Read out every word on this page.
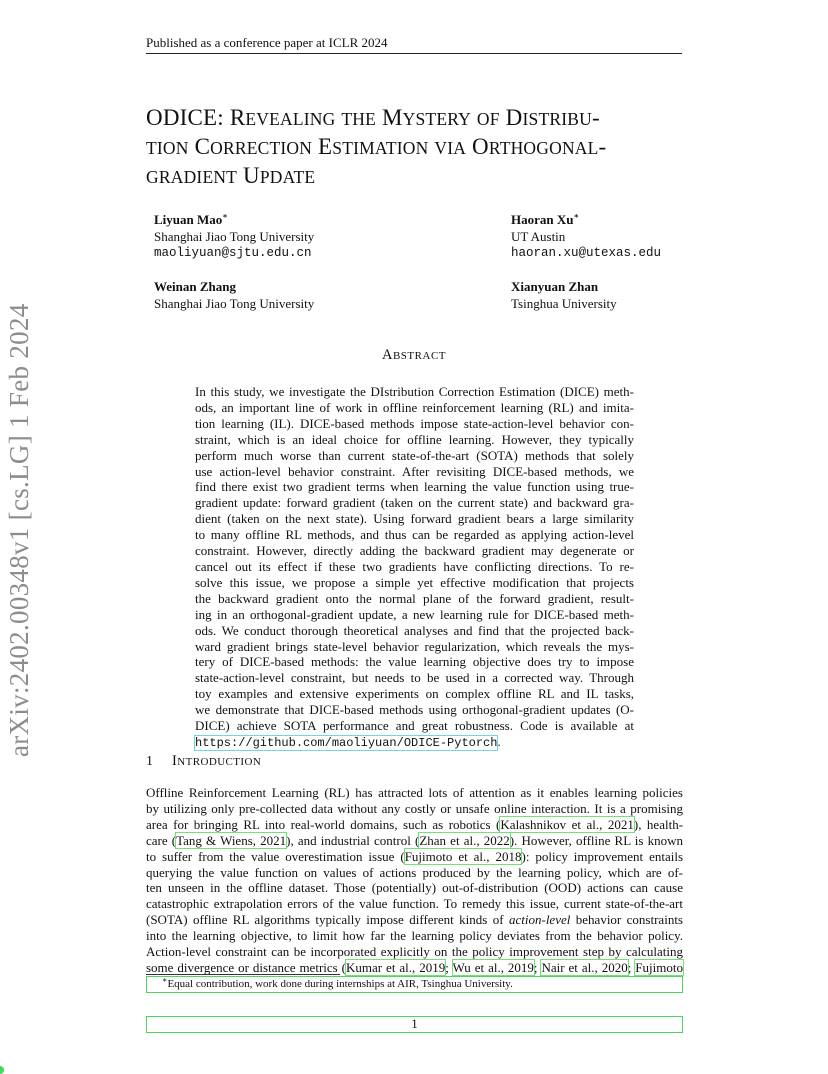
Published as a conference paper at ICLR 2024
ODICE: REVEALING THE MYSTERY OF DISTRIBU-
TION CORRECTION ESTIMATION VIA ORTHOGONAL-
GRADIENT UPDATE
Liyuan Mao∗
Shanghai Jiao Tong University
maoliyuan@sjtu.edu.cn
Haoran Xu∗
UT Austin
haoran.xu@utexas.edu
Weinan Zhang
Shanghai Jiao Tong University
Xianyuan Zhan
Tsinghua University
arXiv:2402.00348v1 [cs.LG] 1 Feb 2024	ABSTRACT
In this study, we investigate the DIstribution Correction Estimation (DICE) meth-
ods, an important line of work in offline reinforcement learning (RL) and imita-
tion learning (IL). DICE-based methods impose state-action-level behavior con-
straint, which is an ideal choice for offline learning. However, they typically
perform much worse than current state-of-the-art (SOTA) methods that solely
use action-level behavior constraint. After revisiting DICE-based methods, we
find there exist two gradient terms when learning the value function using true-
gradient update: forward gradient (taken on the current state) and backward gra-
dient (taken on the next state). Using forward gradient bears a large similarity
to many offline RL methods, and thus can be regarded as applying action-level
constraint. However, directly adding the backward gradient may degenerate or
cancel out its effect if these two gradients have conflicting directions. To re-
solve this issue, we propose a simple yet effective modification that projects
the backward gradient onto the normal plane of the forward gradient, result-
ing in an orthogonal-gradient update, a new learning rule for DICE-based meth-
ods. We conduct thorough theoretical analyses and find that the projected back-
ward gradient brings state-level behavior regularization, which reveals the mys-
tery of DICE-based methods: the value learning objective does try to impose
state-action-level constraint, but needs to be used in a corrected way. Through
toy examples and extensive experiments on complex offline RL and IL tasks,
we demonstrate that DICE-based methods using orthogonal-gradient updates (O-
DICE) achieve SOTA performance and great robustness. Code is available at
https://github.com/maoliyuan/ODICE-Pytorch.
1 INTRODUCTION
Offline Reinforcement Learning (RL) has attracted lots of attention as it enables learning policies
by utilizing only pre-collected data without any costly or unsafe online interaction. It is a promising
area for bringing RL into real-world domains, such as robotics (Kalashnikov et al., 2021), health-
care (Tang & Wiens, 2021), and industrial control (Zhan et al., 2022). However, offline RL is known
to suffer from the value overestimation issue (Fujimoto et al., 2018): policy improvement entails
querying the value function on values of actions produced by the learning policy, which are of-
ten unseen in the offline dataset. Those (potentially) out-of-distribution (OOD) actions can cause
catastrophic extrapolation errors of the value function. To remedy this issue, current state-of-the-art
(SOTA) offline RL algorithms typically impose different kinds of action-level behavior constraints
into the learning objective, to limit how far the learning policy deviates from the behavior policy.
Action-level constraint can be incorporated explicitly on the policy improvement step by calculating
some divergence or distance metrics (Kumar et al., 2019; Wu et al., 2019; Nair et al., 2020; Fujimoto
∗Equal contribution, work done during internships at AIR, Tsinghua University.
1
